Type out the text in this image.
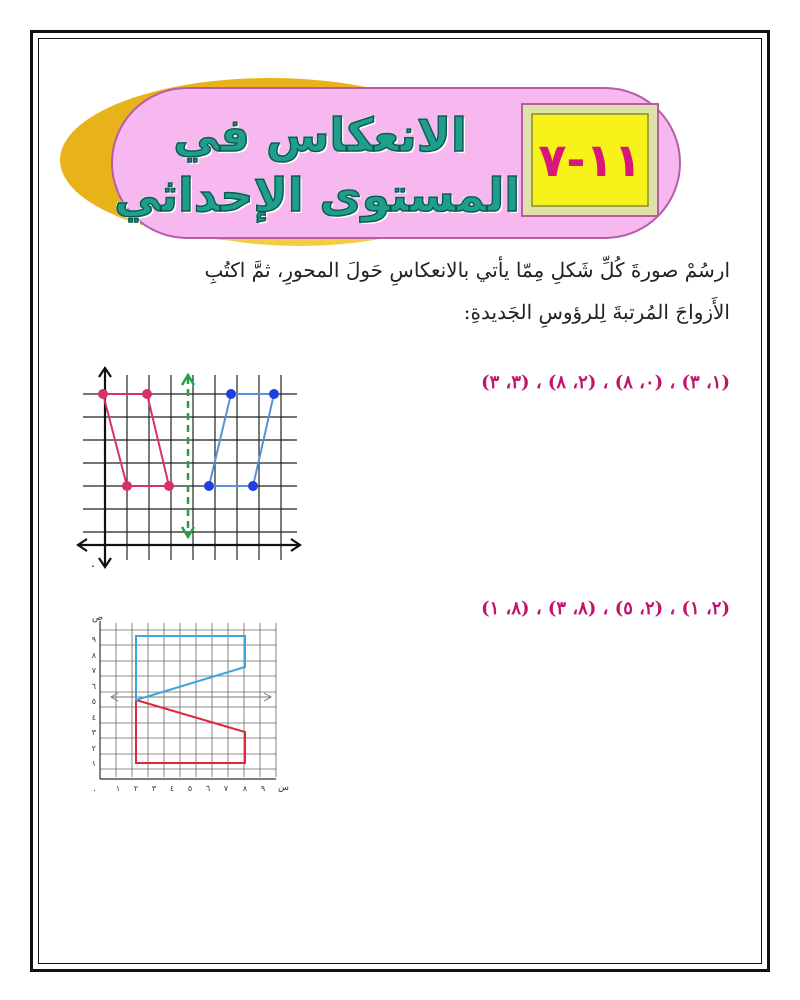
١١-٧
الانعكاس في
المستوى الإحداثي
ارسُمْ صورةَ كُلِّ شَكلِ مِمّا يأتي بالانعكاسِ حَولَ المحورِ، ثمَّ اكتُبِ
الأَزواجَ المُرتبةَ لِلرؤوسِ الجَديدةِ:
(١، ٣) ، (٠، ٨) ، (٢، ٨) ، (٣، ٣)
(٢، ١) ، (٢، ٥) ، (٨، ٣) ، (٨، ١)
.
ص
س
٠
١
٢
٣
٤
٥
٦
٧
٨
٩
١ ٢ ٣ ٤ ٥ ٦ ٧ ٨ ٩
